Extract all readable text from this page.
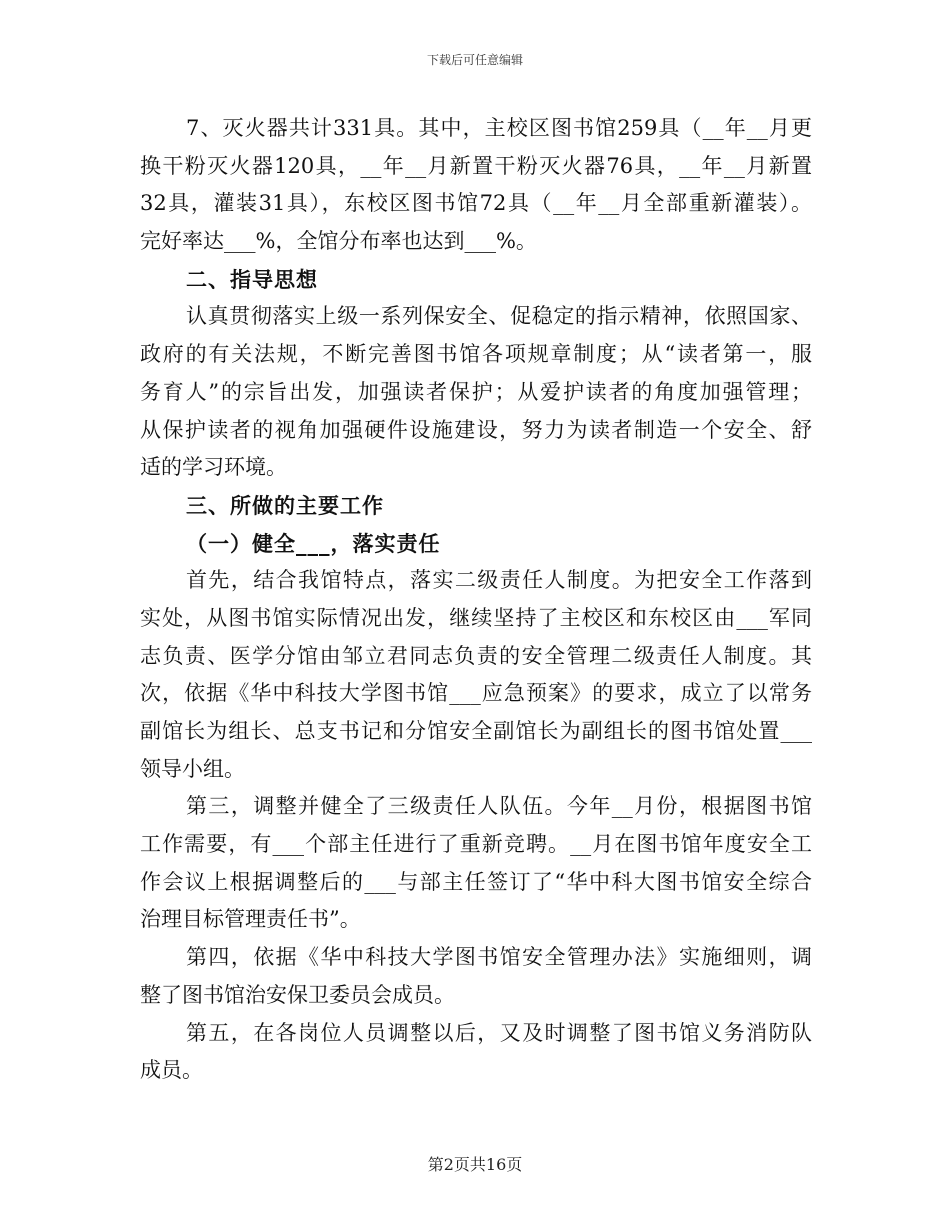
下载后可任意编辑
7、灭火器共计331具。其中，主校区图书馆259具（__年__月更
换干粉灭火器120具，__年__月新置干粉灭火器76具，__年__月新置
32具，灌装31具），东校区图书馆72具（__年__月全部重新灌装）。
完好率达___%，全馆分布率也达到___%。
二、指导思想
认真贯彻落实上级一系列保安全、促稳定的指示精神，依照国家、
政府的有关法规，不断完善图书馆各项规章制度；从“读者第一，服
务育人”的宗旨出发，加强读者保护；从爱护读者的角度加强管理；
从保护读者的视角加强硬件设施建设，努力为读者制造一个安全、舒
适的学习环境。
三、所做的主要工作
（一）健全___，落实责任
首先，结合我馆特点，落实二级责任人制度。为把安全工作落到
实处，从图书馆实际情况出发，继续坚持了主校区和东校区由___军同
志负责、医学分馆由邹立君同志负责的安全管理二级责任人制度。其
次，依据《华中科技大学图书馆___应急预案》的要求，成立了以常务
副馆长为组长、总支书记和分馆安全副馆长为副组长的图书馆处置___
领导小组。
第三，调整并健全了三级责任人队伍。今年__月份，根据图书馆
工作需要，有___个部主任进行了重新竞聘。__月在图书馆年度安全工
作会议上根据调整后的___与部主任签订了“华中科大图书馆安全综合
治理目标管理责任书”。
第四，依据《华中科技大学图书馆安全管理办法》实施细则，调
整了图书馆治安保卫委员会成员。
第五，在各岗位人员调整以后，又及时调整了图书馆义务消防队
成员。
第2页共16页
